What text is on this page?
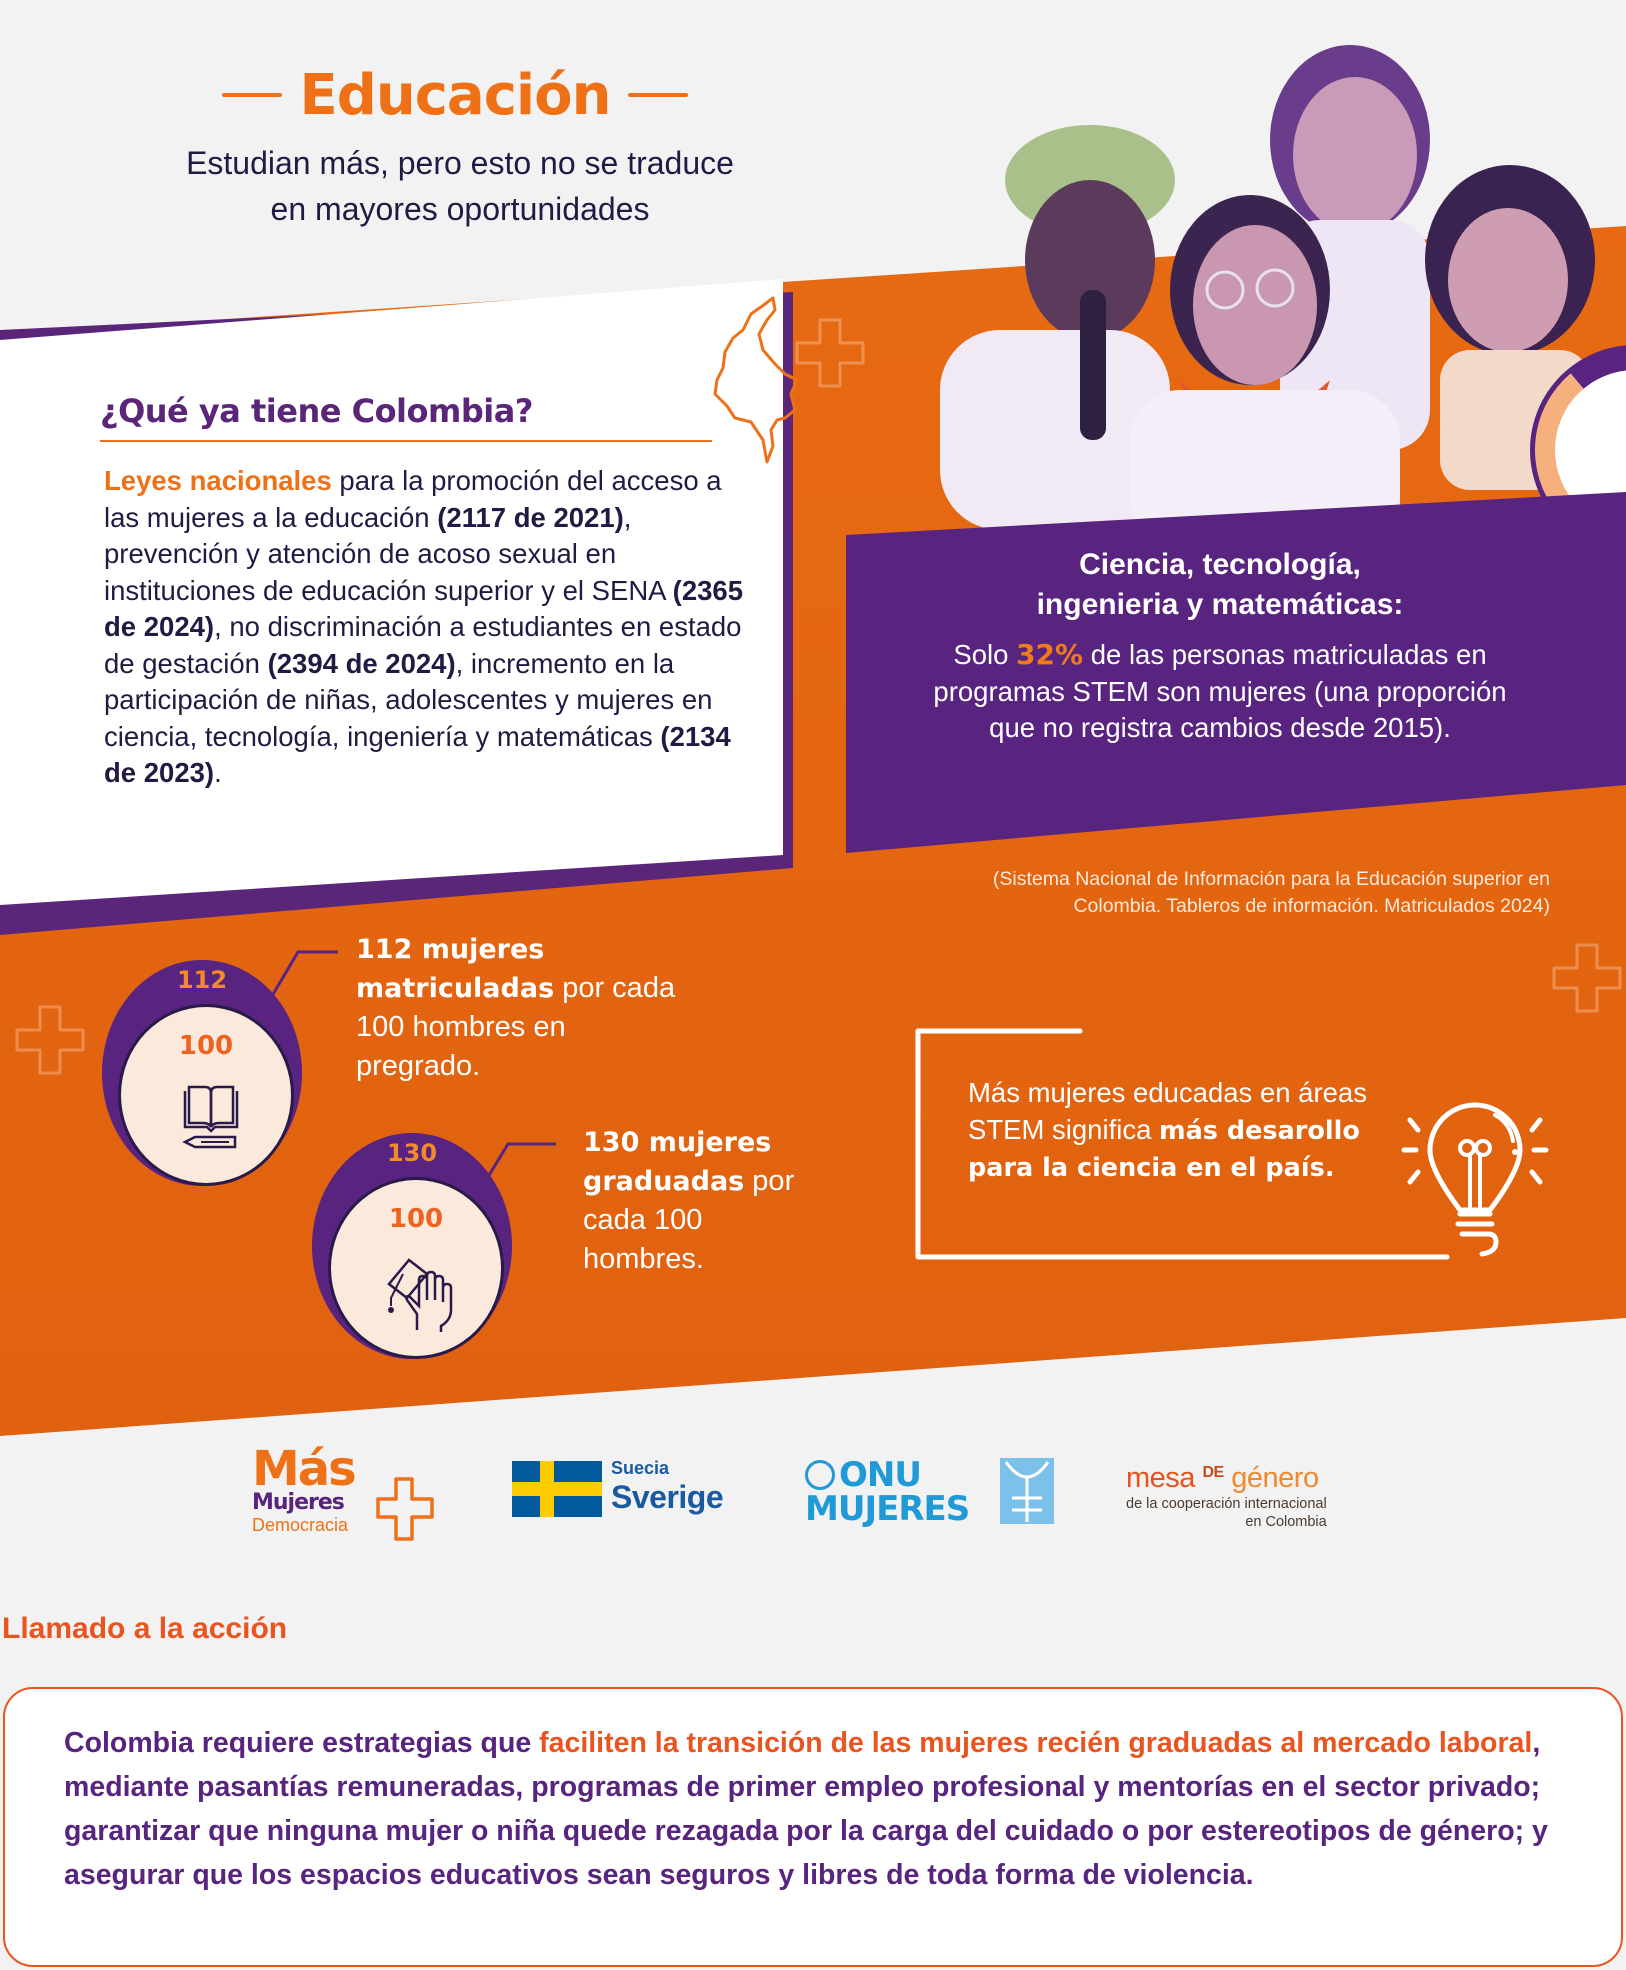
Educación
Estudian más, pero esto no se traduce
en mayores oportunidades
¿Qué ya tiene Colombia?
Leyes nacionales para la promoción del acceso a las mujeres a la educación (2117 de 2021), prevención y atención de acoso sexual en instituciones de educación superior y el SENA (2365 de 2024), no discriminación a estudiantes en estado de gestación (2394 de 2024), incremento en la participación de niñas, adolescentes y mujeres en ciencia, tecnología, ingeniería y matemáticas (2134 de 2023).
Ciencia, tecnología,
ingenieria y matemáticas:
Solo 32% de las personas matriculadas en programas STEM son mujeres (una proporción que no registra cambios desde 2015).
(Sistema Nacional de Información para la Educación superior en Colombia. Tableros de información. Matriculados 2024)
112
100
112 mujeres matriculadas por cada 100 hombres en pregrado.
130
100
130 mujeres graduadas por cada 100 hombres.
Más mujeres educadas en áreas STEM significa más desarollo para la ciencia en el país.
Más
Mujeres
Democracia
Suecia
Sverige
ONU
MUJERES
mesa $^{DE}$ género
de la cooperación internacional
en Colombia
Llamado a la acción
Colombia requiere estrategias que faciliten la transición de las mujeres recién graduadas al mercado laboral, mediante pasantías remuneradas, programas de primer empleo profesional y mentorías en el sector privado; garantizar que ninguna mujer o niña quede rezagada por la carga del cuidado o por estereotipos de género; y asegurar que los espacios educativos sean seguros y libres de toda forma de violencia.
